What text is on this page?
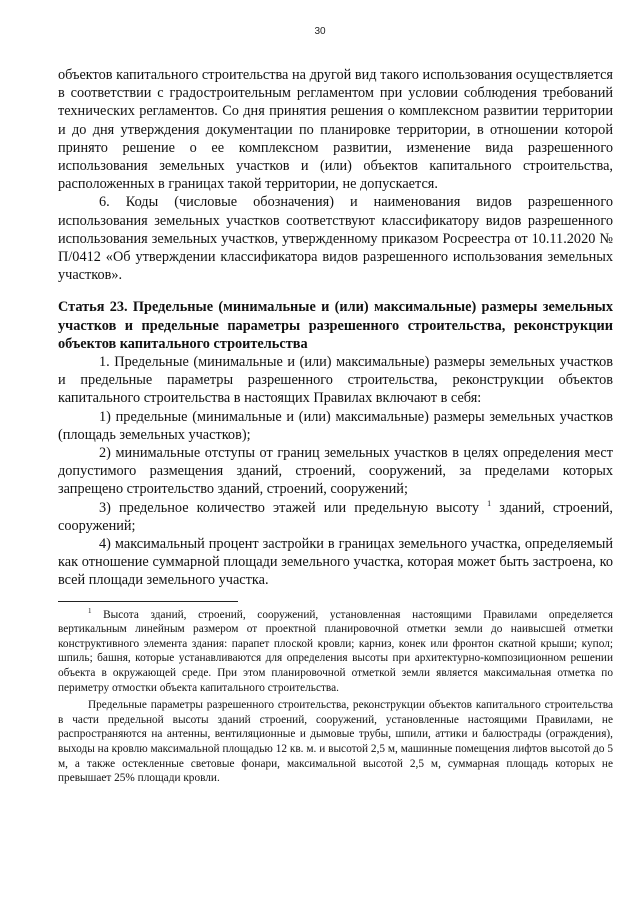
30

объектов капитального строительства на другой вид такого использования осуществляется в соответствии с градостроительным регламентом при условии соблюдения требований технических регламентов. Со дня принятия решения о комплексном развитии территории и до дня утверждения документации по планировке территории, в отношении которой принято решение о ее комплексном развитии, изменение вида разрешенного использования земельных участков и (или) объектов капитального строительства, расположенных в границах такой территории, не допускается.

6. Коды (числовые обозначения) и наименования видов разрешенного использования земельных участков соответствуют классификатору видов разрешенного использования земельных участков, утвержденному приказом Росреестра от 10.11.2020 № П/0412 «Об утверждении классификатора видов разрешенного использования земельных участков».

Статья 23. Предельные (минимальные и (или) максимальные) размеры земельных участков и предельные параметры разрешенного строительства, реконструкции объектов капитального строительства

1. Предельные (минимальные и (или) максимальные) размеры земельных участков и предельные параметры разрешенного строительства, реконструкции объектов капитального строительства в настоящих Правилах включают в себя:

1) предельные (минимальные и (или) максимальные) размеры земельных участков (площадь земельных участков);

2) минимальные отступы от границ земельных участков в целях определения мест допустимого размещения зданий, строений, сооружений, за пределами которых запрещено строительство зданий, строений, сооружений;

3) предельное количество этажей или предельную высоту $^1$ зданий, строений, сооружений;

4) максимальный процент застройки в границах земельного участка, определяемый как отношение суммарной площади земельного участка, которая может быть застроена, ко всей площади земельного участка.

$^1$ Высота зданий, строений, сооружений, установленная настоящими Правилами определяется вертикальным линейным размером от проектной планировочной отметки земли до наивысшей отметки конструктивного элемента здания: парапет плоской кровли; карниз, конек или фронтон скатной крыши; купол; шпиль; башня, которые устанавливаются для определения высоты при архитектурно-композиционном решении объекта в окружающей среде. При этом планировочной отметкой земли является максимальная отметка по периметру отмостки объекта капитального строительства.

Предельные параметры разрешенного строительства, реконструкции объектов капитального строительства в части предельной высоты зданий строений, сооружений, установленные настоящими Правилами, не распространяются на антенны, вентиляционные и дымовые трубы, шпили, аттики и балюстрады (ограждения), выходы на кровлю максимальной площадью 12 кв. м. и высотой 2,5 м, машинные помещения лифтов высотой до 5 м, а также остекленные световые фонари, максимальной высотой 2,5 м, суммарная площадь которых не превышает 25% площади кровли.
